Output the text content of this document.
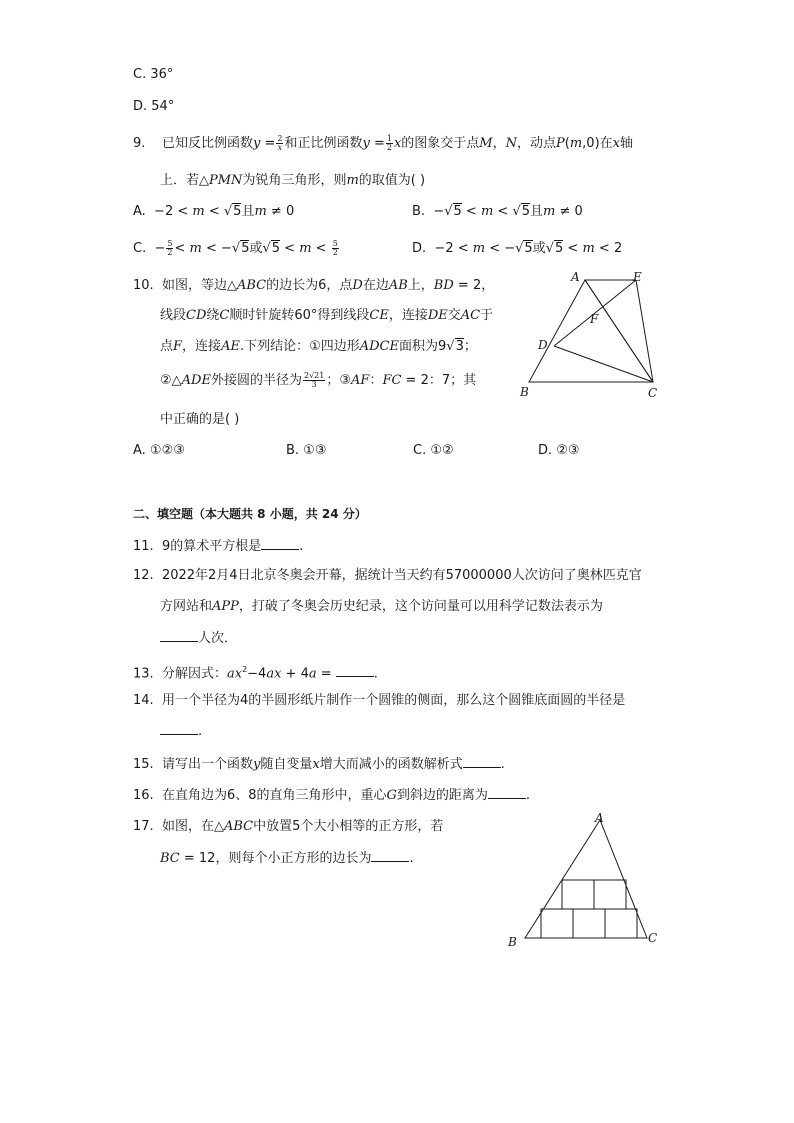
C. 36°
D. 54°
9. 已知反比例函数$y = \frac{2}{x}$ 和正比例函数$y = \frac{1}{2}$ x的图象交于点M，N，动点P(m,0)在x轴
上．若△PMN为锐角三角形，则m的取值为( )
A.  −2 < m < √5且m ≠ 0	B.  −√5 < m < √5且m ≠ 0
C.  − $\frac{5}{2} < m < -√5$或$√5 < m < \frac{5}{2}$	D.  −2 < m < −√5或√5 < m < 2
10. 如图，等边△ABC的边长为6，点D在边AB上，BD = 2，
线段CD绕C顺时针旋转60°得到线段CE，连接DE交AC于
点F，连接AE.下列结论：①四边形ADCE面积为9√3；
②△ADE外接圆的半径为 $\frac{2√21}{3}$ ；③AF：FC = 2：7；其
中正确的是( )
A. ①②③	B. ①③	C. ①②	D. ②③
A	E
F
D
B	C
二、填空题（本大题共 8 小题，共 24 分）
11. 9的算术平方根是	.
12. 2022年2月4日北京冬奥会开幕，据统计当天约有57000000人次访问了奥林匹克官
方网站和APP，打破了冬奥会历史纪录，这个访问量可以用科学记数法表示为
人次．
13. 分解因式：$ax^2-4ax + 4a$ =	.
14. 用一个半径为4的半圆形纸片制作一个圆锥的侧面，那么这个圆锥底面圆的半径是
.
15. 请写出一个函数y随自变量x增大而减小的函数解析式	.
16. 在直角边为6、8的直角三角形中，重心G到斜边的距离为	.
17. 如图，在△ABC中放置5个大小相等的正方形，若
BC = 12，则每个小正方形的边长为	.
A
B	C
